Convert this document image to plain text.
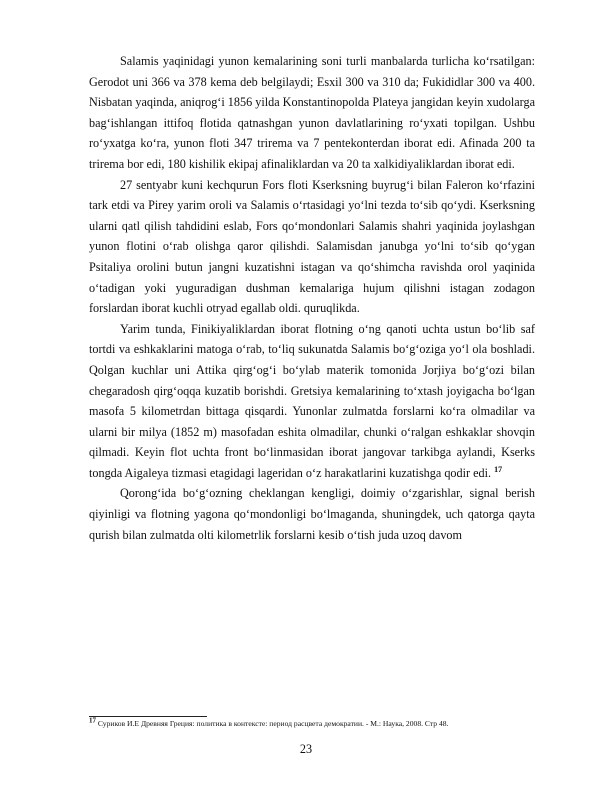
Salamis yaqinidagi yunon kemalarining soni turli manbalarda turlicha ko‘rsatilgan: Gerodot uni 366 va 378 kema deb belgilaydi; Esxil 300 va 310 da; Fukididlar 300 va 400. Nisbatan yaqinda, aniqrog‘i 1856 yilda Konstantinopolda Plateya jangidan keyin xudolarga bag‘ishlangan ittifoq flotida qatnashgan yunon davlatlarining ro‘yxati topilgan. Ushbu ro‘yxatga ko‘ra, yunon floti 347 trirema va 7 pentekonterdan iborat edi. Afinada 200 ta trirema bor edi, 180 kishilik ekipaj afinaliklardan va 20 ta xalkidiyaliklardan iborat edi.

27 sentyabr kuni kechqurun Fors floti Kserksning buyrug‘i bilan Faleron ko‘rfazini tark etdi va Pirey yarim oroli va Salamis o‘rtasidagi yo‘lni tezda to‘sib qo‘ydi. Kserksning ularni qatl qilish tahdidini eslab, Fors qo‘mondonlari Salamis shahri yaqinida joylashgan yunon flotini o‘rab olishga qaror qilishdi. Salamisdan janubga yo‘lni to‘sib qo‘ygan Psitaliya orolini butun jangni kuzatishni istagan va qo‘shimcha ravishda orol yaqinida o‘tadigan yoki yuguradigan dushman kemalariga hujum qilishni istagan zodagon forslardan iborat kuchli otryad egallab oldi. quruqlikda.

Yarim tunda, Finikiyaliklardan iborat flotning o‘ng qanoti uchta ustun bo‘lib saf tortdi va eshkaklarini matoga o‘rab, to‘liq sukunatda Salamis bo‘g‘oziga yo‘l ola boshladi. Qolgan kuchlar uni Attika qirg‘og‘i bo‘ylab materik tomonida Jorjiya bo‘g‘ozi bilan chegaradosh qirg‘oqqa kuzatib borishdi. Gretsiya kemalarining to‘xtash joyigacha bo‘lgan masofa 5 kilometrdan bittaga qisqardi. Yunonlar zulmatda forslarni ko‘ra olmadilar va ularni bir milya (1852 m) masofadan eshita olmadilar, chunki o‘ralgan eshkaklar shovqin qilmadi. Keyin flot uchta front bo‘linmasidan iborat jangovar tarkibga aylandi, Kserks tongda Aigaleya tizmasi etagidagi lageridan o‘z harakatlarini kuzatishga qodir edi. $^{17}$

Qorong‘ida bo‘g‘ozning cheklangan kengligi, doimiy o‘zgarishlar, signal berish qiyinligi va flotning yagona qo‘mondonligi bo‘lmaganda, shuningdek, uch qatorga qayta qurish bilan zulmatda olti kilometrlik forslarni kesib o‘tish juda uzoq davom

$^{17}$ Суриков И.Е Древняя Греция: политика в контексте: период расцвета демократии. - М.: Наука, 2008. Стр 48.
23
